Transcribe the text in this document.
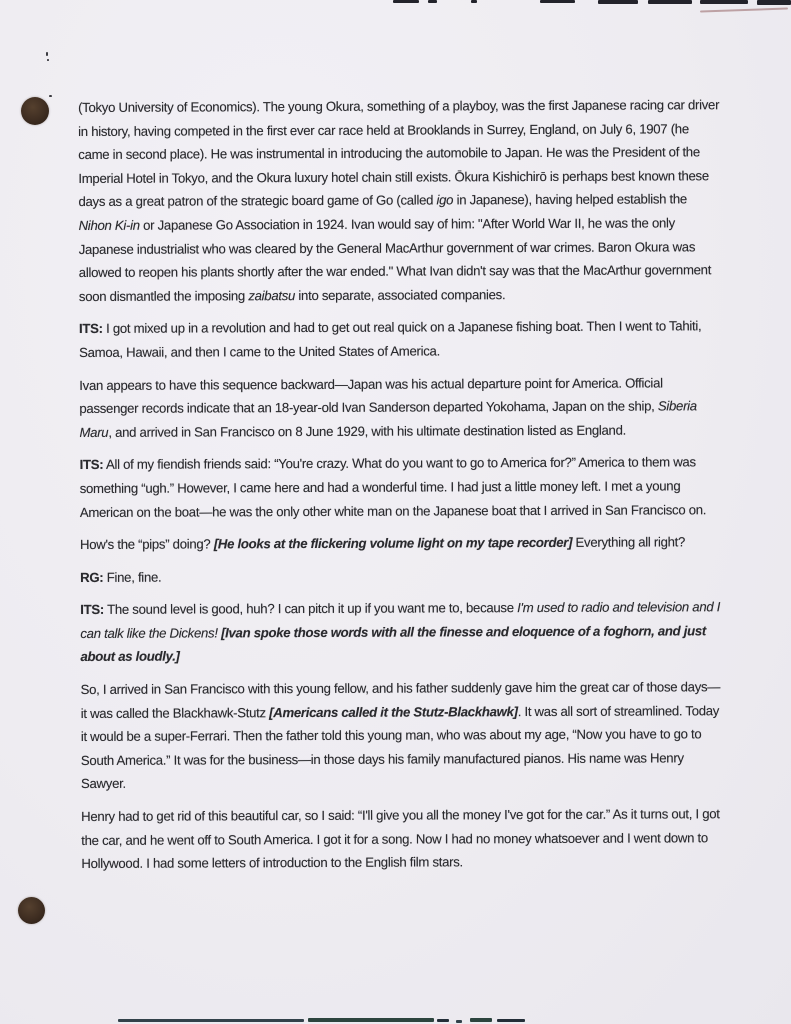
(Tokyo University of Economics). The young Okura, something of a playboy, was the first Japanese racing car driver in history, having competed in the first ever car race held at Brooklands in Surrey, England, on July 6, 1907 (he came in second place). He was instrumental in introducing the automobile to Japan. He was the President of the Imperial Hotel in Tokyo, and the Okura luxury hotel chain still exists. Ōkura Kishichirō is perhaps best known these days as a great patron of the strategic board game of Go (called igo in Japanese), having helped establish the Nihon Ki-in or Japanese Go Association in 1924. Ivan would say of him: "After World War II, he was the only Japanese industrialist who was cleared by the General MacArthur government of war crimes. Baron Okura was allowed to reopen his plants shortly after the war ended." What Ivan didn't say was that the MacArthur government soon dismantled the imposing zaibatsu into separate, associated companies.

ITS: I got mixed up in a revolution and had to get out real quick on a Japanese fishing boat. Then I went to Tahiti, Samoa, Hawaii, and then I came to the United States of America.

Ivan appears to have this sequence backward—Japan was his actual departure point for America. Official passenger records indicate that an 18-year-old Ivan Sanderson departed Yokohama, Japan on the ship, Siberia Maru, and arrived in San Francisco on 8 June 1929, with his ultimate destination listed as England.

ITS: All of my fiendish friends said: “You're crazy. What do you want to go to America for?” America to them was something “ugh.” However, I came here and had a wonderful time. I had just a little money left. I met a young American on the boat—he was the only other white man on the Japanese boat that I arrived in San Francisco on.

How's the “pips” doing? [He looks at the flickering volume light on my tape recorder] Everything all right?

RG: Fine, fine.

ITS: The sound level is good, huh? I can pitch it up if you want me to, because I'm used to radio and television and I can talk like the Dickens! [Ivan spoke those words with all the finesse and eloquence of a foghorn, and just about as loudly.]

So, I arrived in San Francisco with this young fellow, and his father suddenly gave him the great car of those days— it was called the Blackhawk-Stutz [Americans called it the Stutz-Blackhawk]. It was all sort of streamlined. Today it would be a super-Ferrari. Then the father told this young man, who was about my age, “Now you have to go to South America.” It was for the business—in those days his family manufactured pianos. His name was Henry Sawyer.

Henry had to get rid of this beautiful car, so I said: “I'll give you all the money I've got for the car.” As it turns out, I got the car, and he went off to South America. I got it for a song. Now I had no money whatsoever and I went down to Hollywood. I had some letters of introduction to the English film stars.
